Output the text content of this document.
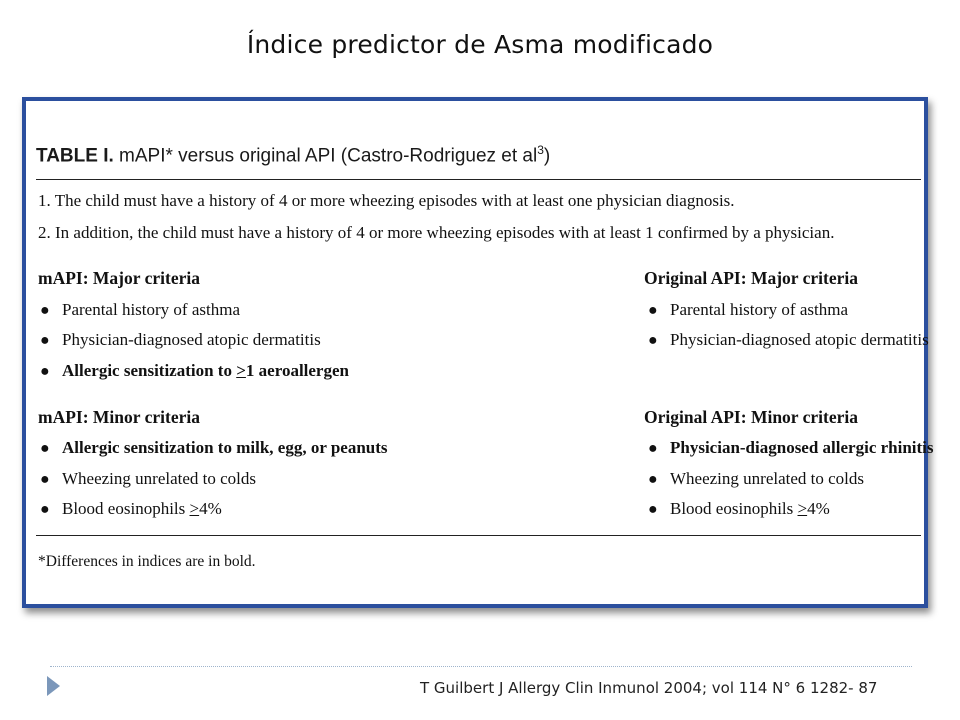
Índice predictor de Asma modificado
TABLE I. mAPI* versus original API (Castro-Rodriguez et $al^3$)
1. The child must have a history of 4 or more wheezing episodes with at least one physician diagnosis.
2. In addition, the child must have a history of 4 or more wheezing episodes with at least 1 confirmed by a physician.
mAPI: Major criteria	Original API: Major criteria
● Parental history of asthma
● Physician-diagnosed atopic dermatitis
● Allergic sensitization to ≥1 aeroallergen
● Parental history of asthma
● Physician-diagnosed atopic dermatitis
mAPI: Minor criteria	Original API: Minor criteria
● Allergic sensitization to milk, egg, or peanuts
● Wheezing unrelated to colds
● Blood eosinophils ≥4%
● Physician-diagnosed allergic rhinitis
● Wheezing unrelated to colds
● Blood eosinophils ≥4%
*Differences in indices are in bold.
T Guilbert J Allergy Clin Inmunol 2004; vol 114 N° 6 1282- 87
